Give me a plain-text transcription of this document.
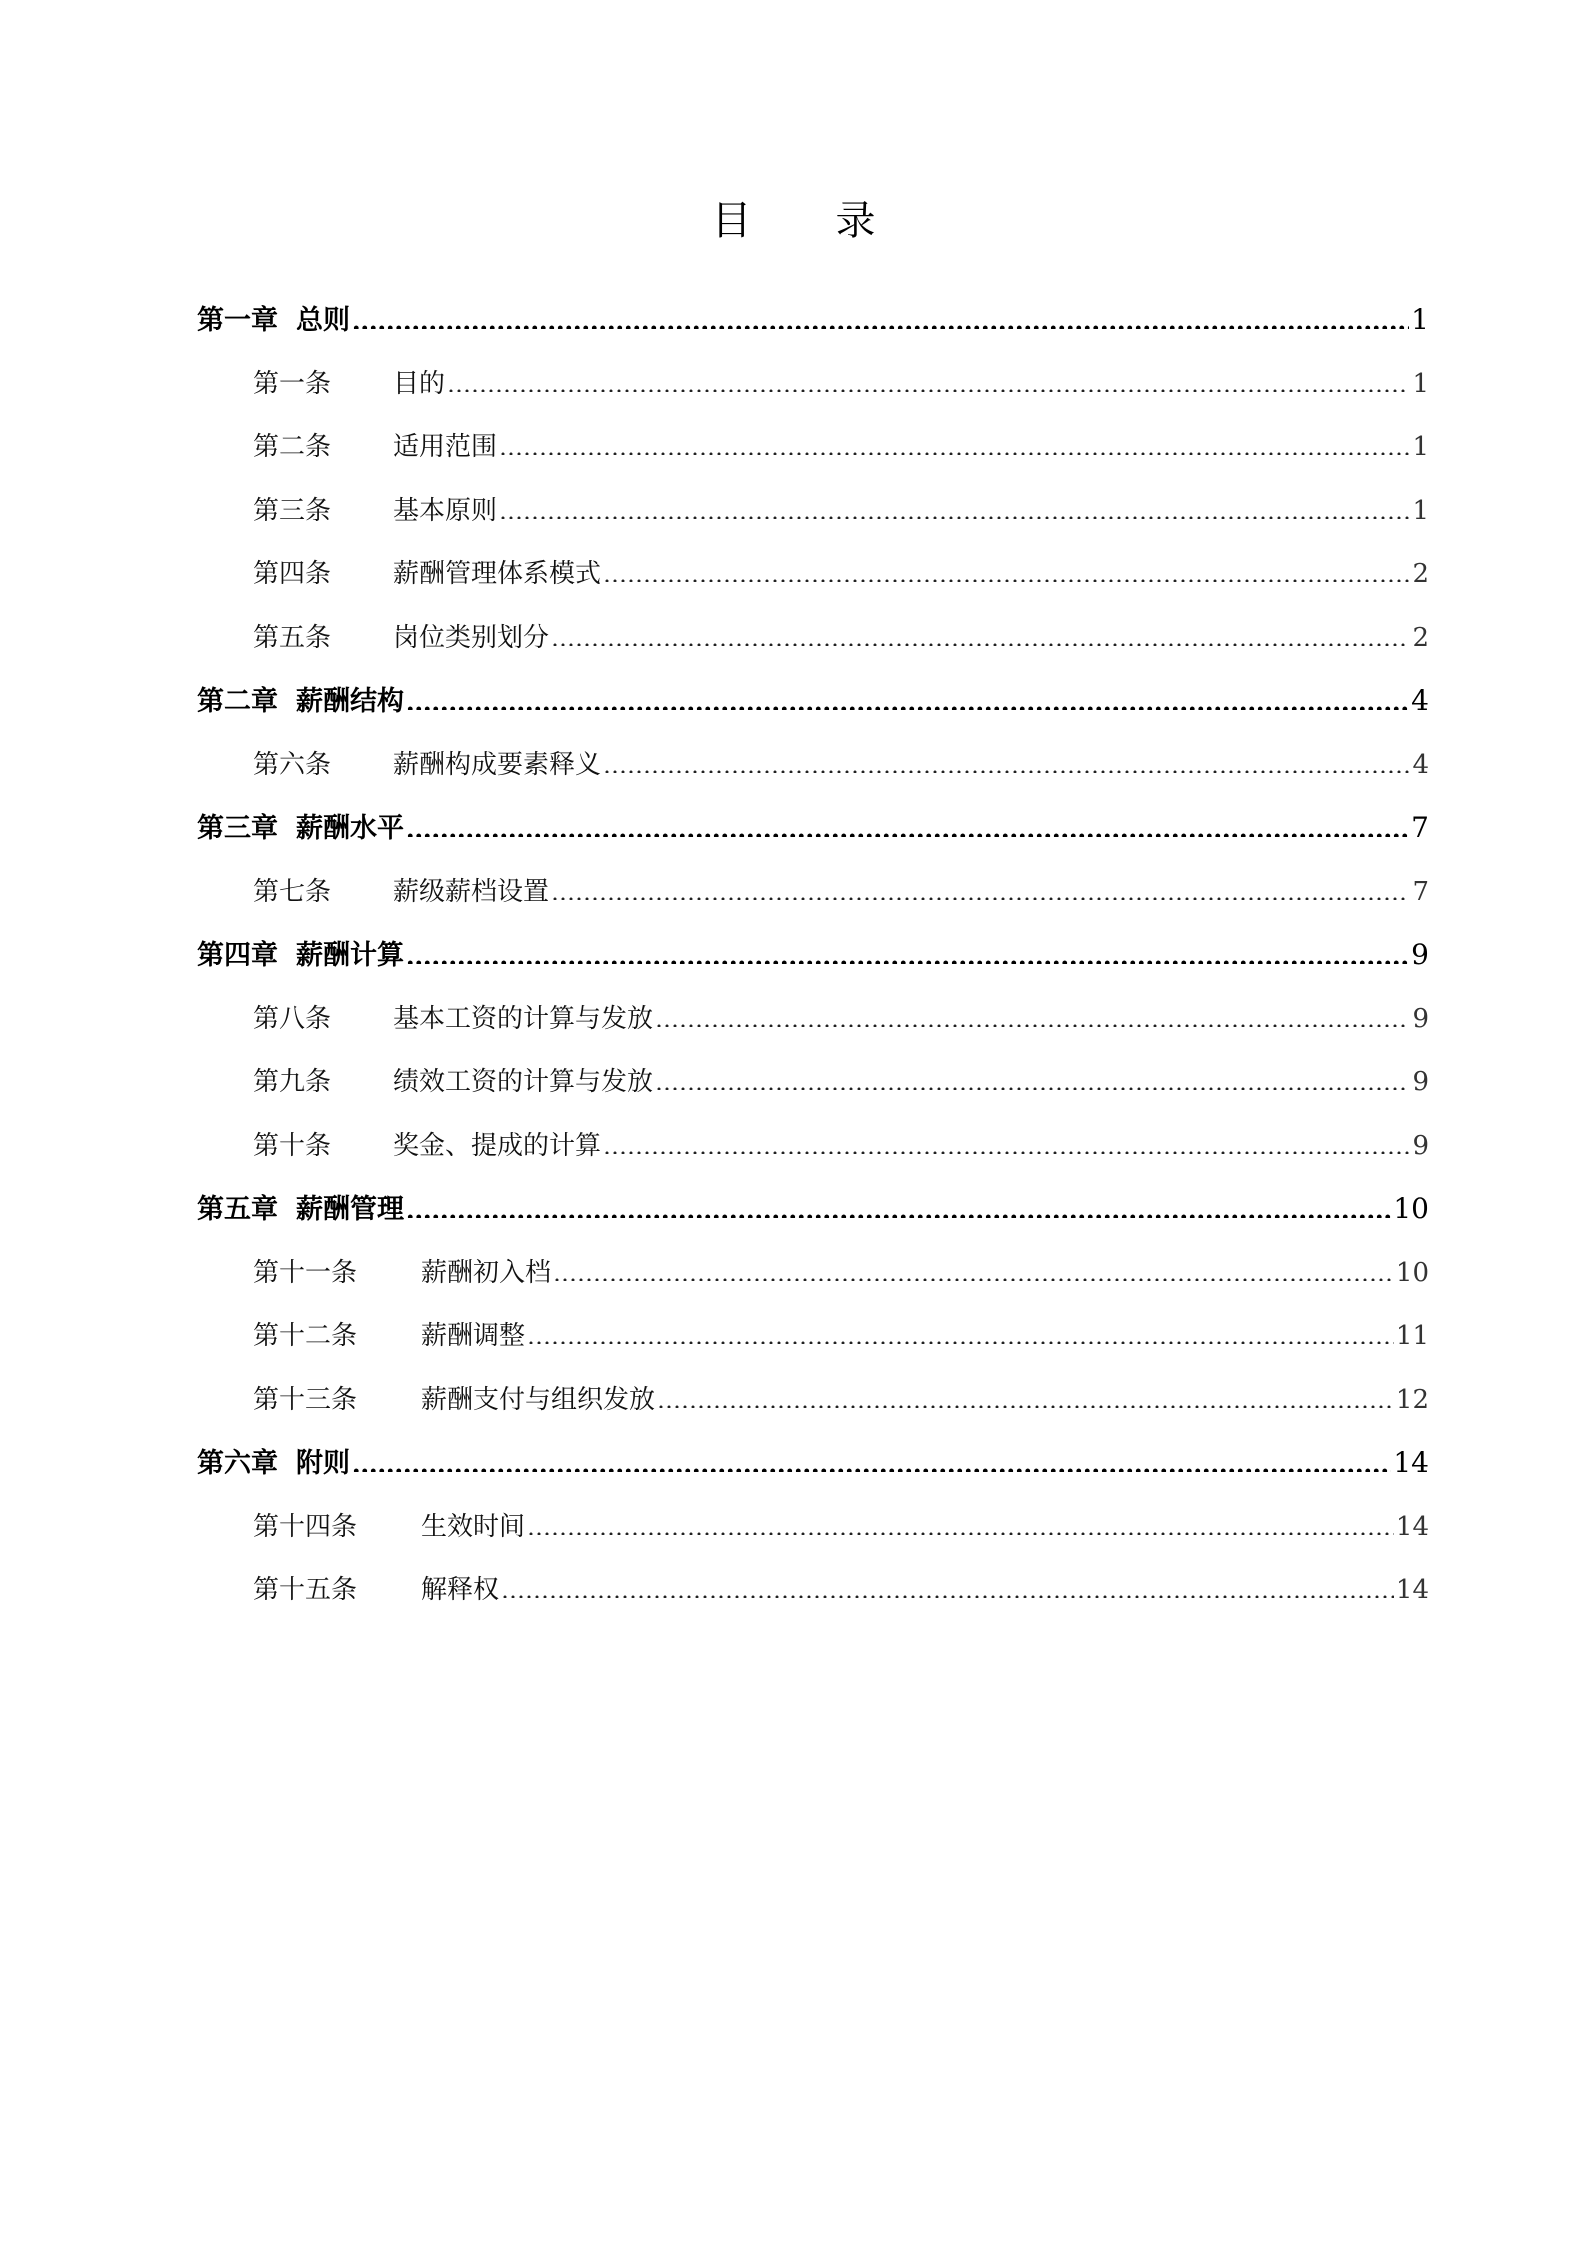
目 录
第一章 总则	1
第一条	目的	1
第二条	适用范围	1
第三条	基本原则	1
第四条	薪酬管理体系模式	2
第五条	岗位类别划分	2
第二章 薪酬结构	4
第六条	薪酬构成要素释义	4
第三章 薪酬水平	7
第七条	薪级薪档设置	7
第四章 薪酬计算	9
第八条	基本工资的计算与发放	9
第九条	绩效工资的计算与发放	9
第十条	奖金、提成的计算	9
第五章 薪酬管理	10
第十一条	薪酬初入档	10
第十二条	薪酬调整	11
第十三条	薪酬支付与组织发放	12
第六章 附则	14
第十四条	生效时间	14
第十五条	解释权	14
